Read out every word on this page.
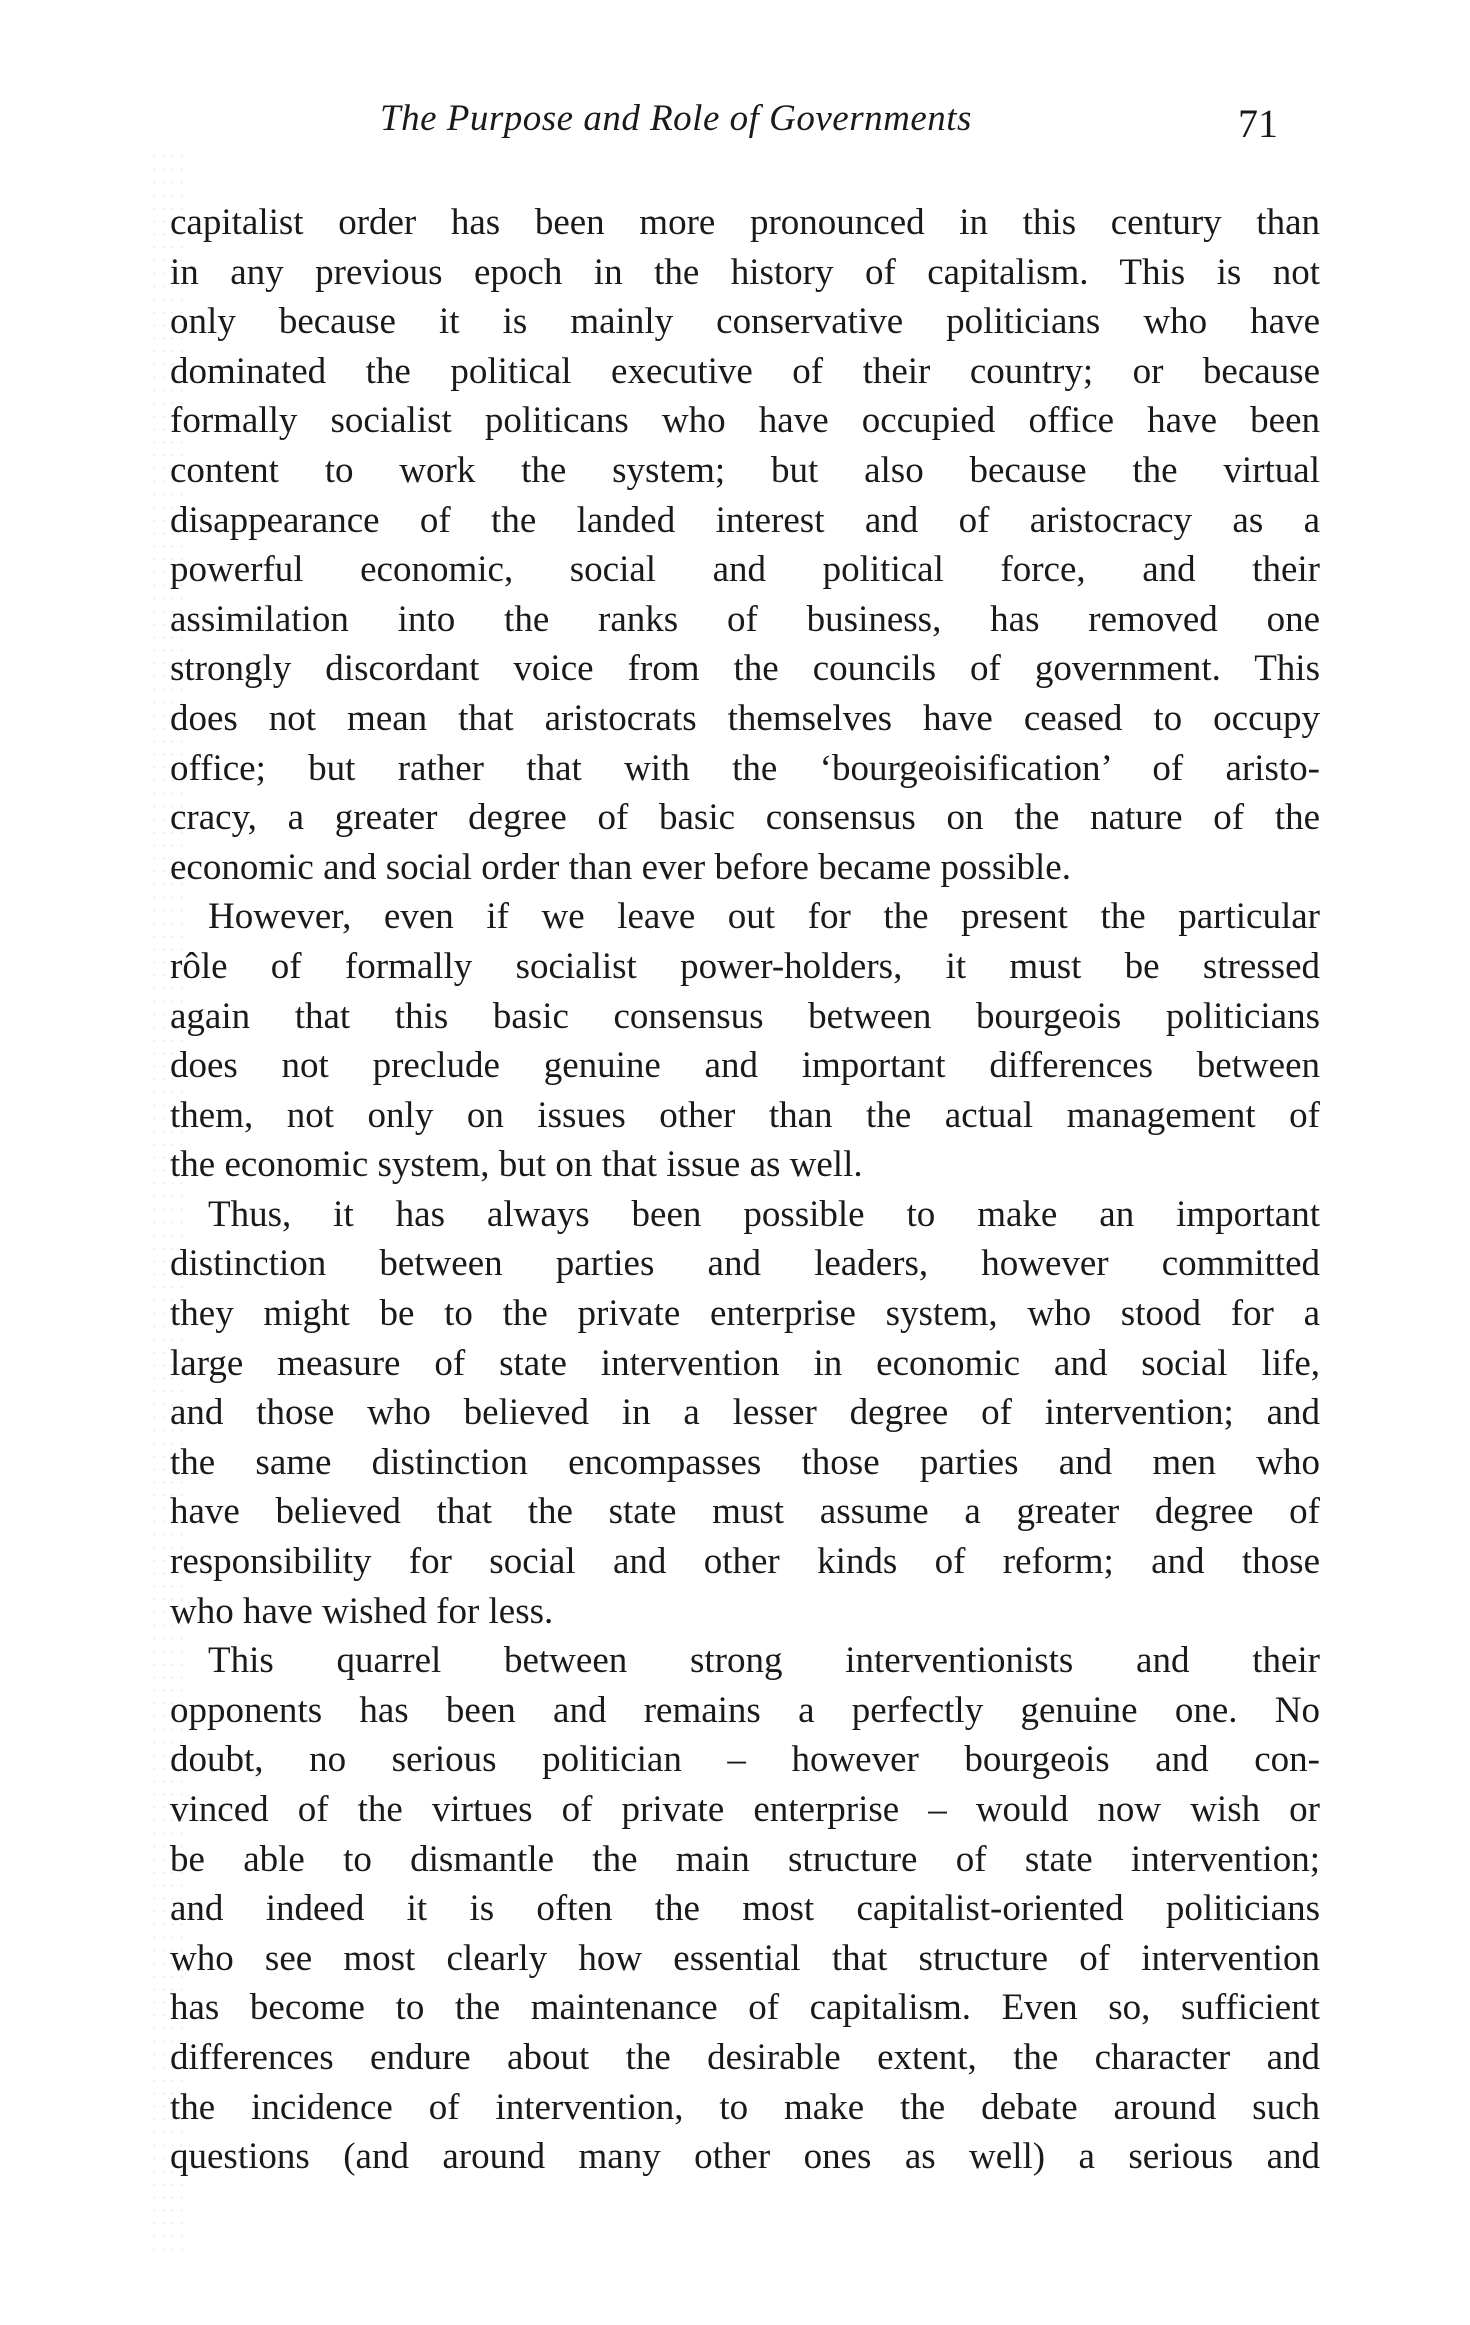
The Purpose and Role of Governments	71
capitalist order has been more pronounced in this century than
in any previous epoch in the history of capitalism. This is not
only because it is mainly conservative politicians who have
dominated the political executive of their country; or because
formally socialist politicans who have occupied office have been
content to work the system; but also because the virtual
disappearance of the landed interest and of aristocracy as a
powerful economic, social and political force, and their
assimilation into the ranks of business, has removed one
strongly discordant voice from the councils of government. This
does not mean that aristocrats themselves have ceased to occupy
office; but rather that with the ‘bourgeoisification’ of aristo-
cracy, a greater degree of basic consensus on the nature of the
economic and social order than ever before became possible.
However, even if we leave out for the present the particular
rôle of formally socialist power-holders, it must be stressed
again that this basic consensus between bourgeois politicians
does not preclude genuine and important differences between
them, not only on issues other than the actual management of
the economic system, but on that issue as well.
Thus, it has always been possible to make an important
distinction between parties and leaders, however committed
they might be to the private enterprise system, who stood for a
large measure of state intervention in economic and social life,
and those who believed in a lesser degree of intervention; and
the same distinction encompasses those parties and men who
have believed that the state must assume a greater degree of
responsibility for social and other kinds of reform; and those
who have wished for less.
This quarrel between strong interventionists and their
opponents has been and remains a perfectly genuine one. No
doubt, no serious politician – however bourgeois and con-
vinced of the virtues of private enterprise – would now wish or
be able to dismantle the main structure of state intervention;
and indeed it is often the most capitalist-oriented politicians
who see most clearly how essential that structure of intervention
has become to the maintenance of capitalism. Even so, sufficient
differences endure about the desirable extent, the character and
the incidence of intervention, to make the debate around such
questions (and around many other ones as well) a serious and
